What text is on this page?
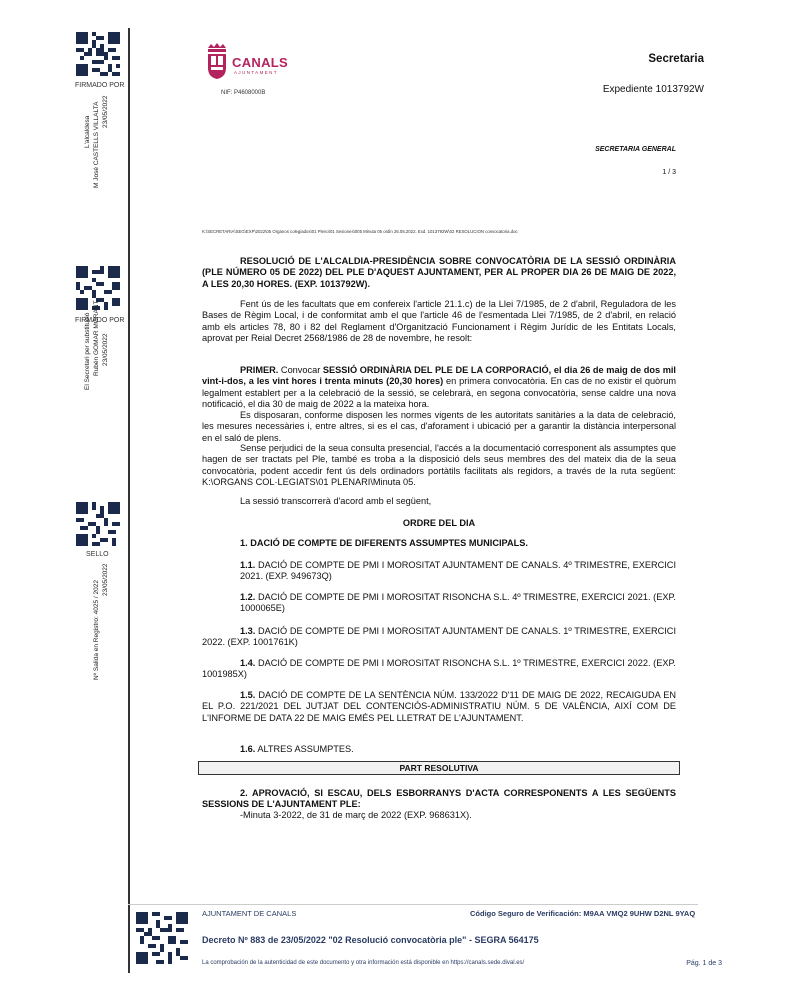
FIRMADO POR
L'alcaldesa M José CASTELLS VILLALTA 23/05/2022
FIRMADO POR
El Secretari per substitució Rubén GOMAR MORANT 23/05/2022
SELLO
Nº Salida en Registro: 4025 / 2022
23/05/2022
CANALS
AJUNTAMENT
NIF: P4608000B
Secretaria
Expediente 1013792W
SECRETARIA GENERAL
1 / 3
K:\SECRETARIA\SEG\EXP\2022\05 Organos colegiados\01 Pleno\01 Sesiones\005 Minuta 05 ordin 26.05.2022. Exd. 1013792W\02 RESOLUCION convocatoria.doc
RESOLUCIÓ DE L'ALCALDIA-PRESIDÈNCIA SOBRE CONVOCATÒRIA DE LA SESSIÓ ORDINÀRIA (PLE NÚMERO 05 DE 2022) DEL PLE D'AQUEST AJUNTAMENT, PER AL PROPER DIA 26 DE MAIG DE 2022, A LES 20,30 HORES. (EXP. 1013792W).
Fent ús de les facultats que em confereix l'article 21.1.c) de la Llei 7/1985, de 2 d'abril, Reguladora de les Bases de Règim Local, i de conformitat amb el que l'article 46 de l'esmentada Llei 7/1985, de 2 d'abril, en relació amb els articles 78, 80 i 82 del Reglament d'Organització Funcionament i Règim Jurídic de les Entitats Locals, aprovat per Reial Decret 2568/1986 de 28 de novembre, he resolt:
PRIMER. Convocar SESSIÓ ORDINÀRIA DEL PLE DE LA CORPORACIÓ, el dia 26 de maig de dos mil vint-i-dos, a les vint hores i trenta minuts (20,30 hores) en primera convocatòria. En cas de no existir el quòrum legalment establert per a la celebració de la sessió, se celebrarà, en segona convocatòria, sense caldre una nova notificació, el dia 30 de maig de 2022 a la mateixa hora.
Es disposaran, conforme disposen les normes vigents de les autoritats sanitàries a la data de celebració, les mesures necessàries i, entre altres, si es el cas, d'aforament i ubicació per a garantir la distància interpersonal en el saló de plens.
Sense perjudici de la seua consulta presencial, l'accés a la documentació corresponent als assumptes que hagen de ser tractats pel Ple, també es troba a la disposició dels seus membres des del mateix dia de la seua convocatòria, podent accedir fent ús dels ordinadors portàtils facilitats als regidors, a través de la ruta següent: K:\ORGANS COL·LEGIATS\01 PLENARI\Minuta 05.
La sessió transcorrerà d'acord amb el següent,
ORDRE DEL DIA
1. DACIÓ DE COMPTE DE DIFERENTS ASSUMPTES MUNICIPALS.
1.1. DACIÓ DE COMPTE DE PMI I MOROSITAT AJUNTAMENT DE CANALS. 4º TRIMESTRE, EXERCICI 2021. (EXP. 949673Q)
1.2. DACIÓ DE COMPTE DE PMI I MOROSITAT RISONCHA S.L. 4º TRIMESTRE, EXERCICI 2021. (EXP. 1000065E)
1.3. DACIÓ DE COMPTE DE PMI I MOROSITAT AJUNTAMENT DE CANALS. 1º TRIMESTRE, EXERCICI 2022. (EXP. 1001761K)
1.4. DACIÓ DE COMPTE DE PMI I MOROSITAT RISONCHA S.L. 1º TRIMESTRE, EXERCICI 2022. (EXP. 1001985X)
1.5. DACIÓ DE COMPTE DE LA SENTÈNCIA NÚM. 133/2022 D'11 DE MAIG DE 2022, RECAIGUDA EN EL P.O. 221/2021 DEL JUTJAT DEL CONTENCIÓS-ADMINISTRATIU NÚM. 5 DE VALÈNCIA, AIXÍ COM DE L'INFORME DE DATA 22 DE MAIG EMÉS PEL LLETRAT DE L'AJUNTAMENT.
1.6. ALTRES ASSUMPTES.
PART RESOLUTIVA
2. APROVACIÓ, SI ESCAU, DELS ESBORRANYS D'ACTA CORRESPONENTS A LES SEGÜENTS SESSIONS DE L'AJUNTAMENT PLE:
-Minuta 3-2022, de 31 de març de 2022 (EXP. 968631X).
AJUNTAMENT DE CANALS	Código Seguro de Verificación: M9AA VMQ2 9UHW D2NL 9YAQ
Decreto Nº 883 de 23/05/2022 "02 Resolució convocatòria ple" - SEGRA 564175
La comprobación de la autenticidad de este documento y otra información está disponible en https://canals.sede.dival.es/	Pág. 1 de 3
